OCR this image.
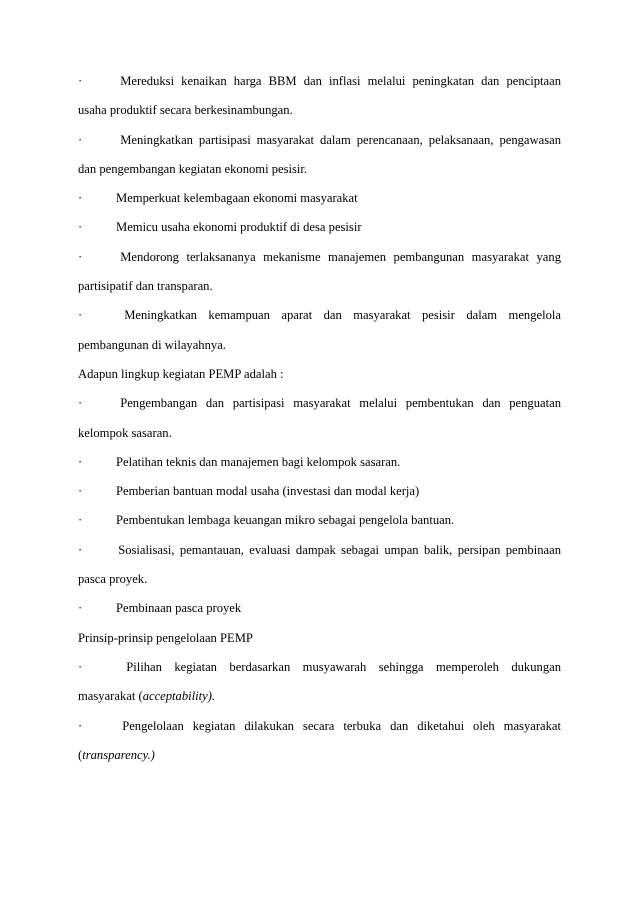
·	Mereduksi kenaikan harga BBM dan inflasi melalui peningkatan dan penciptaan
usaha produktif secara berkesinambungan.
·	Meningkatkan partisipasi masyarakat dalam perencanaan, pelaksanaan, pengawasan
dan pengembangan kegiatan ekonomi pesisir.
·	Memperkuat kelembagaan ekonomi masyarakat
·	Memicu usaha ekonomi produktif di desa pesisir
·	Mendorong terlaksananya mekanisme manajemen pembangunan masyarakat yang
partisipatif dan transparan.
·	Meningkatkan kemampuan aparat dan masyarakat pesisir dalam mengelola
pembangunan di wilayahnya.
Adapun lingkup kegiatan PEMP adalah :
·	Pengembangan dan partisipasi masyarakat melalui pembentukan dan penguatan
kelompok sasaran.
·	Pelatihan teknis dan manajemen bagi kelompok sasaran.
·	Pemberian bantuan modal usaha (investasi dan modal kerja)
·	Pembentukan lembaga keuangan mikro sebagai pengelola bantuan.
·	Sosialisasi, pemantauan, evaluasi dampak sebagai umpan balik, persipan pembinaan
pasca proyek.
·	Pembinaan pasca proyek
Prinsip-prinsip pengelolaan PEMP
·	Pilihan kegiatan berdasarkan musyawarah sehingga memperoleh dukungan
masyarakat (acceptability).
·	Pengelolaan kegiatan dilakukan secara terbuka dan diketahui oleh masyarakat
(transparency.)
